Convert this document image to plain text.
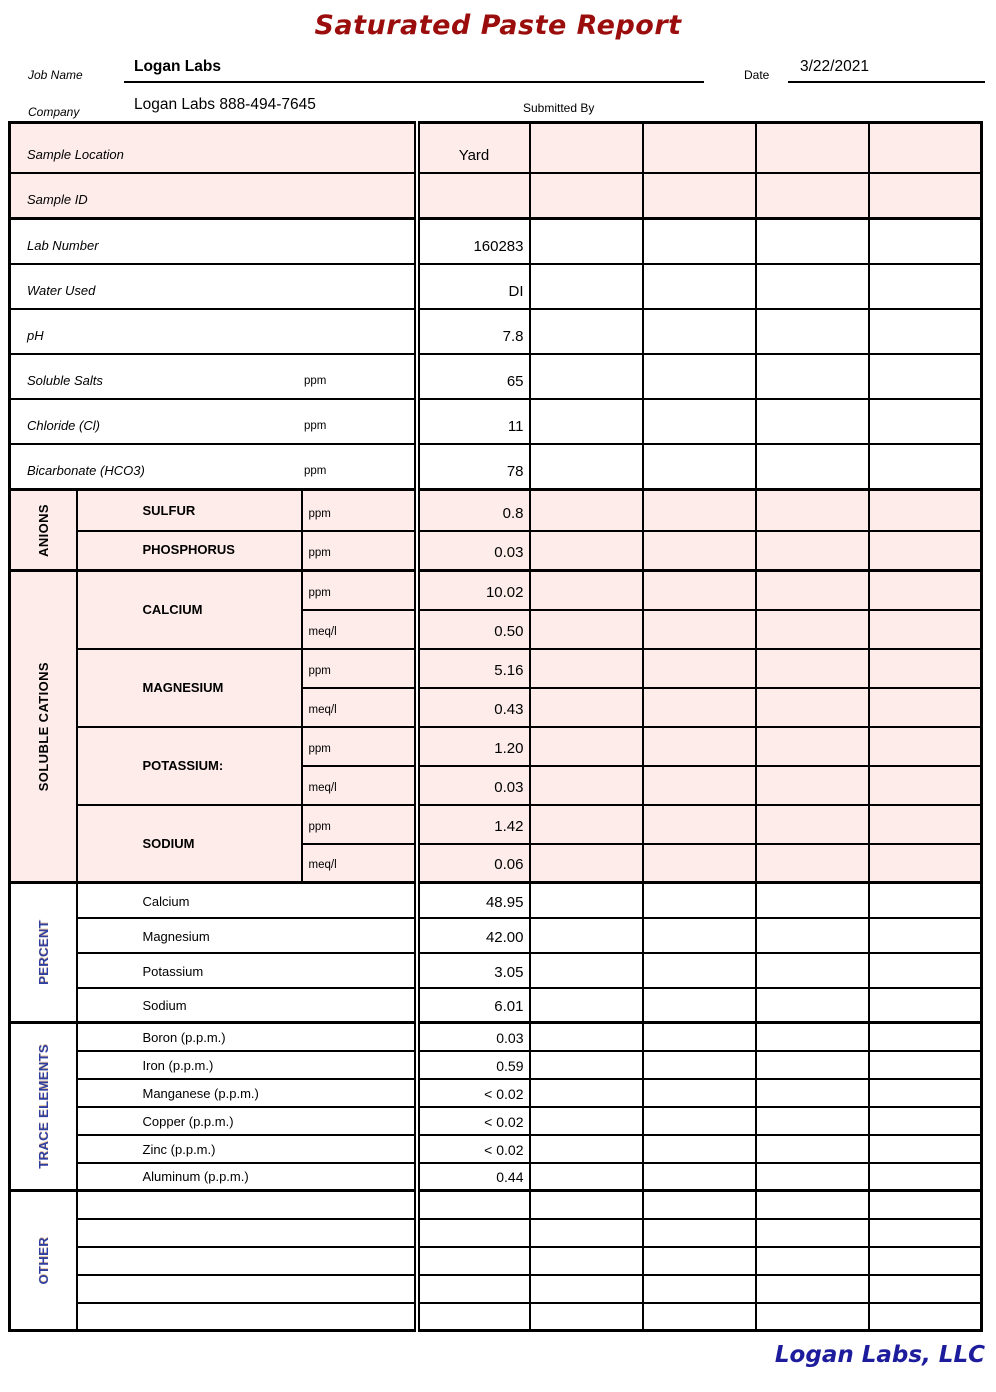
Saturated Paste Report
Job Name	Logan Labs	Date 3/22/2021
Company	Logan Labs 888-494-7645	Submitted By
Sample Location			Yard				
Sample ID							
Lab Number			160283				
Water Used			DI				
pH			7.8				
Soluble Salts ppm			65				
Chloride (Cl) ppm			11				
Bicarbonate (HCO3) ppm			78				

ANIONS	SULFUR	ppm	0.8				
	PHOSPHORUS	ppm	0.03				

SOLUBLE CATIONS	CALCIUM	ppm	10.02				
		meq/l	0.50				
	MAGNESIUM	ppm	5.16				
		meq/l	0.43				
	POTASSIUM:	ppm	1.20				
		meq/l	0.03				
	SODIUM	ppm	1.42				
		meq/l	0.06				

PERCENT	Calcium		48.95				
	Magnesium		42.00				
	Potassium		3.05				
	Sodium		6.01				

TRACE ELEMENTS	Boron (p.p.m.)		0.03				
	Iron (p.p.m.)		0.59				
	Manganese (p.p.m.)		< 0.02				
	Copper (p.p.m.)		< 0.02				
	Zinc (p.p.m.)		< 0.02				
	Aluminum (p.p.m.)		0.44				

OTHER							

Logan Labs, LLC
